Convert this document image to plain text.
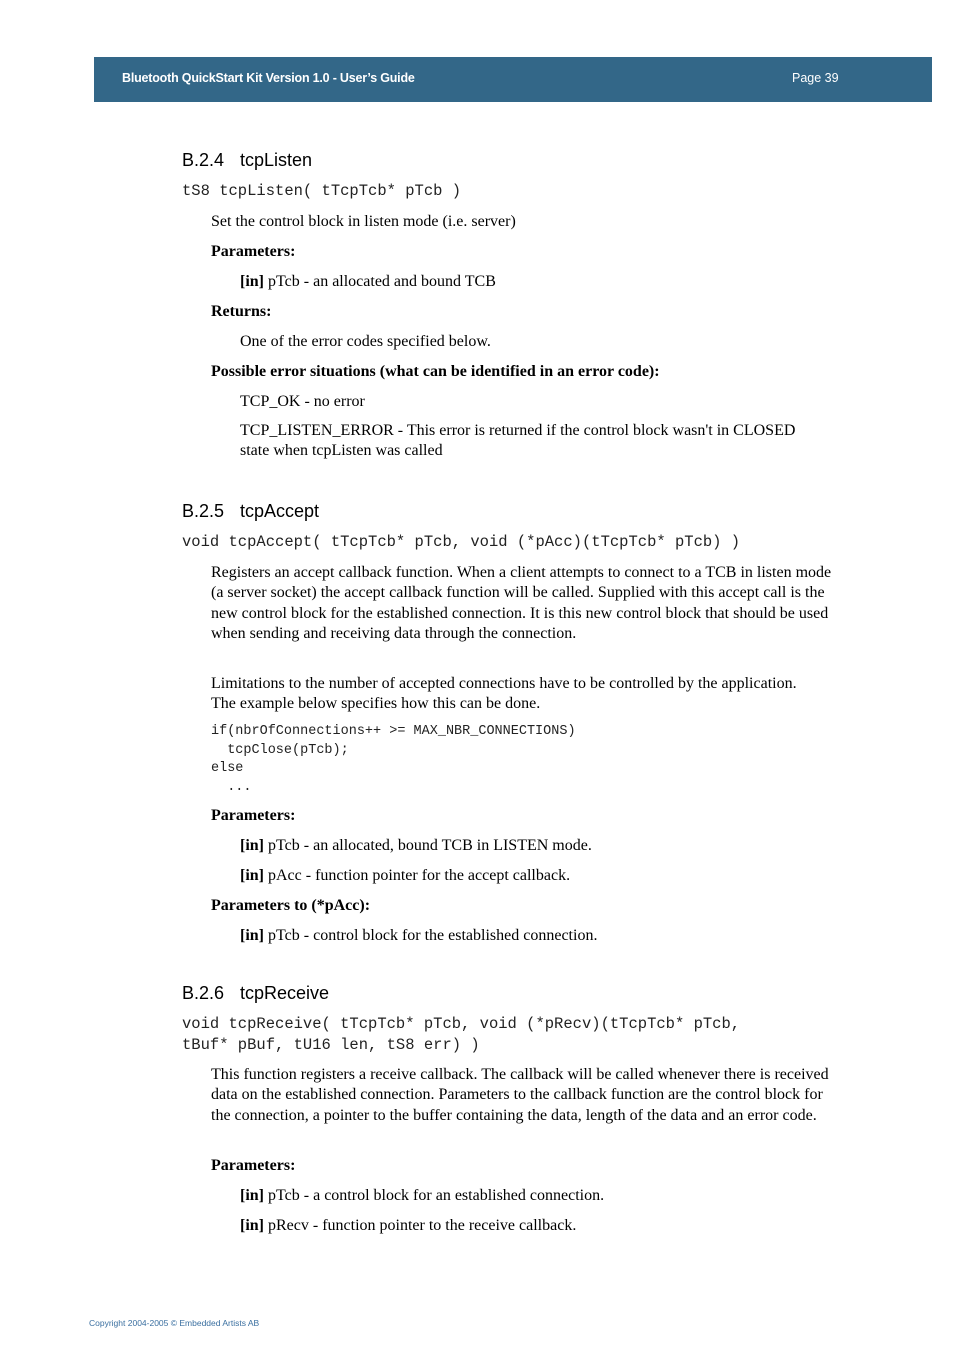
Bluetooth QuickStart Kit Version 1.0 - User’s Guide	Page 39
B.2.4 tcpListen
tS8 tcpListen( tTcpTcb* pTcb )
Set the control block in listen mode (i.e. server)
Parameters:
[in] pTcb - an allocated and bound TCB
Returns:
One of the error codes specified below.
Possible error situations (what can be identified in an error code):
TCP_OK - no error
TCP_LISTEN_ERROR - This error is returned if the control block wasn't in CLOSED state when tcpListen was called
B.2.5 tcpAccept
void tcpAccept( tTcpTcb* pTcb, void (*pAcc)(tTcpTcb* pTcb) )
Registers an accept callback function. When a client attempts to connect to a TCB in listen mode (a server socket) the accept callback function will be called. Supplied with this accept call is the new control block for the established connection. It is this new control block that should be used when sending and receiving data through the connection.
Limitations to the number of accepted connections have to be controlled by the application. The example below specifies how this can be done.
if(nbrOfConnections++ >= MAX_NBR_CONNECTIONS)
tcpClose(pTcb);
else
...
Parameters:
[in] pTcb - an allocated, bound TCB in LISTEN mode.
[in] pAcc - function pointer for the accept callback.
Parameters to (*pAcc):
[in] pTcb - control block for the established connection.
B.2.6 tcpReceive
void tcpReceive( tTcpTcb* pTcb, void (*pRecv)(tTcpTcb* pTcb,
tBuf* pBuf, tU16 len, tS8 err) )
This function registers a receive callback. The callback will be called whenever there is received data on the established connection. Parameters to the callback function are the control block for the connection, a pointer to the buffer containing the data, length of the data and an error code.
Parameters:
[in] pTcb - a control block for an established connection.
[in] pRecv - function pointer to the receive callback.
Copyright 2004-2005 © Embedded Artists AB
